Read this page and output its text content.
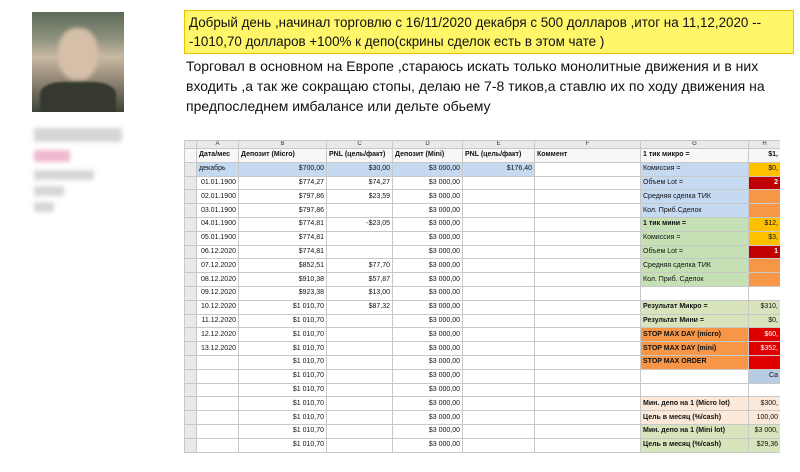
Добрый день ,начинал торговлю с 16/11/2020 декабря с 500 долларов ,итог на 11,12,2020 ---1010,70 долларов +100% к депо(скрины сделок есть в этом чате )
Торговал в основном на Европе ,стараюсь искать только монолитные движения и в них входить ,а так же сокращаю стопы, делаю не 7-8 тиков,а ставлю их по ходу движения на предпоследнем имбалансе или дельте обьему
	A	B	C	D	E	F	G	H
	Дата/мес	Депозит (Micro)	PNL (цель/факт)	Депозит (Mini)	PNL (цель/факт)	Коммент	1 тик микро =	$1,
	декабрь	$700,00	$30,00	$3 000,00	$176,40		Комиссия =	$0,
	01.01.1900	$774,27	$74,27	$3 000,00			Объем Lot =	2
	02.01.1900	$797,86	$23,59	$3 000,00			Средняя сделка ТИК	
	03.01.1900	$797,86		$3 000,00			Кол. Приб.Сделок	
	04.01.1900	$774,81	-$23,05	$3 000,00			1 тик мини =	$12,
	05.01.1900	$774,81		$3 000,00			Комиссия =	$3,
	06.12.2020	$774,81		$3 000,00			Объем Lot =	1
	07.12.2020	$852,51	$77,70	$3 000,00			Средняя сделка ТИК	
	08.12.2020	$910,38	$57,87	$3 000,00			Кол. Приб. Сделок	
	09.12.2020	$923,38	$13,00	$3 000,00				
	10.12.2020	$1 010,70	$87,32	$3 000,00			Результат Микро =	$310,
	11.12.2020	$1 010,70		$3 000,00			Результат Мини =	$0,
	12.12.2020	$1 010,70		$3 000,00			STOP MAX DAY (micro)	$60,
	13.12.2020	$1 010,70		$3 000,00			STOP MAX DAY (mini)	$352,
		$1 010,70		$3 000,00			STOP MAX ORDER	
		$1 010,70		$3 000,00				Ca
		$1 010,70		$3 000,00				
		$1 010,70		$3 000,00			Мин. депо на 1 (Micro lot)	$300,
		$1 010,70		$3 000,00			Цель в месяц (%/cash)	100,00
		$1 010,70		$3 000,00			Мин. депо на 1 (Mini lot)	$3 000,
		$1 010,70		$3 000,00			Цель в месяц (%/cash)	$29,36
